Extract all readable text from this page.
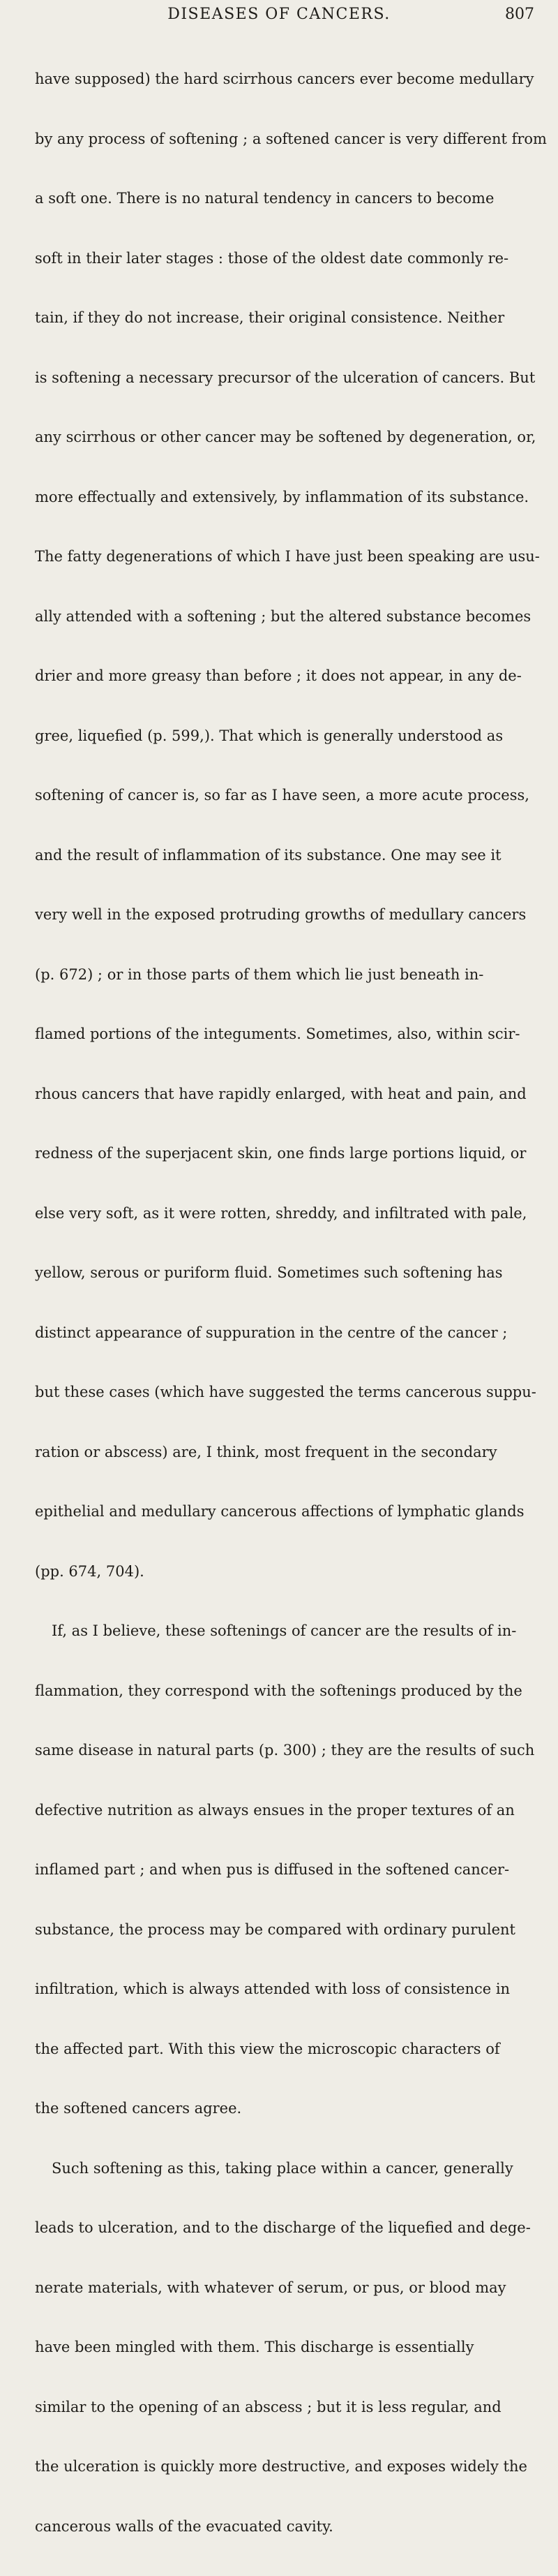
DISEASES OF CANCERS.	807

have supposed) the hard scirrhous cancers ever become medullary

by any process of softening ; a softened cancer is very different from

a soft one. There is no natural tendency in cancers to become

soft in their later stages : those of the oldest date commonly re-

tain, if they do not increase, their original consistence. Neither

is softening a necessary precursor of the ulceration of cancers. But

any scirrhous or other cancer may be softened by degeneration, or,

more effectually and extensively, by inflammation of its substance.

The fatty degenerations of which I have just been speaking are usu-

ally attended with a softening ; but the altered substance becomes

drier and more greasy than before ; it does not appear, in any de-

gree, liquefied (p. 599,). That which is generally understood as

softening of cancer is, so far as I have seen, a more acute process,

and the result of inflammation of its substance. One may see it

very well in the exposed protruding growths of medullary cancers

(p. 672) ; or in those parts of them which lie just beneath in-

flamed portions of the integuments. Sometimes, also, within scir-

rhous cancers that have rapidly enlarged, with heat and pain, and

redness of the superjacent skin, one finds large portions liquid, or

else very soft, as it were rotten, shreddy, and infiltrated with pale,

yellow, serous or puriform fluid. Sometimes such softening has

distinct appearance of suppuration in the centre of the cancer ;

but these cases (which have suggested the terms cancerous suppu-

ration or abscess) are, I think, most frequent in the secondary

epithelial and medullary cancerous affections of lymphatic glands

(pp. 674, 704).

If, as I believe, these softenings of cancer are the results of in-

flammation, they correspond with the softenings produced by the

same disease in natural parts (p. 300) ; they are the results of such

defective nutrition as always ensues in the proper textures of an

inflamed part ; and when pus is diffused in the softened cancer-

substance, the process may be compared with ordinary purulent

infiltration, which is always attended with loss of consistence in

the affected part. With this view the microscopic characters of

the softened cancers agree.

Such softening as this, taking place within a cancer, generally

leads to ulceration, and to the discharge of the liquefied and dege-

nerate materials, with whatever of serum, or pus, or blood may

have been mingled with them. This discharge is essentially

similar to the opening of an abscess ; but it is less regular, and

the ulceration is quickly more destructive, and exposes widely the

cancerous walls of the evacuated cavity.
